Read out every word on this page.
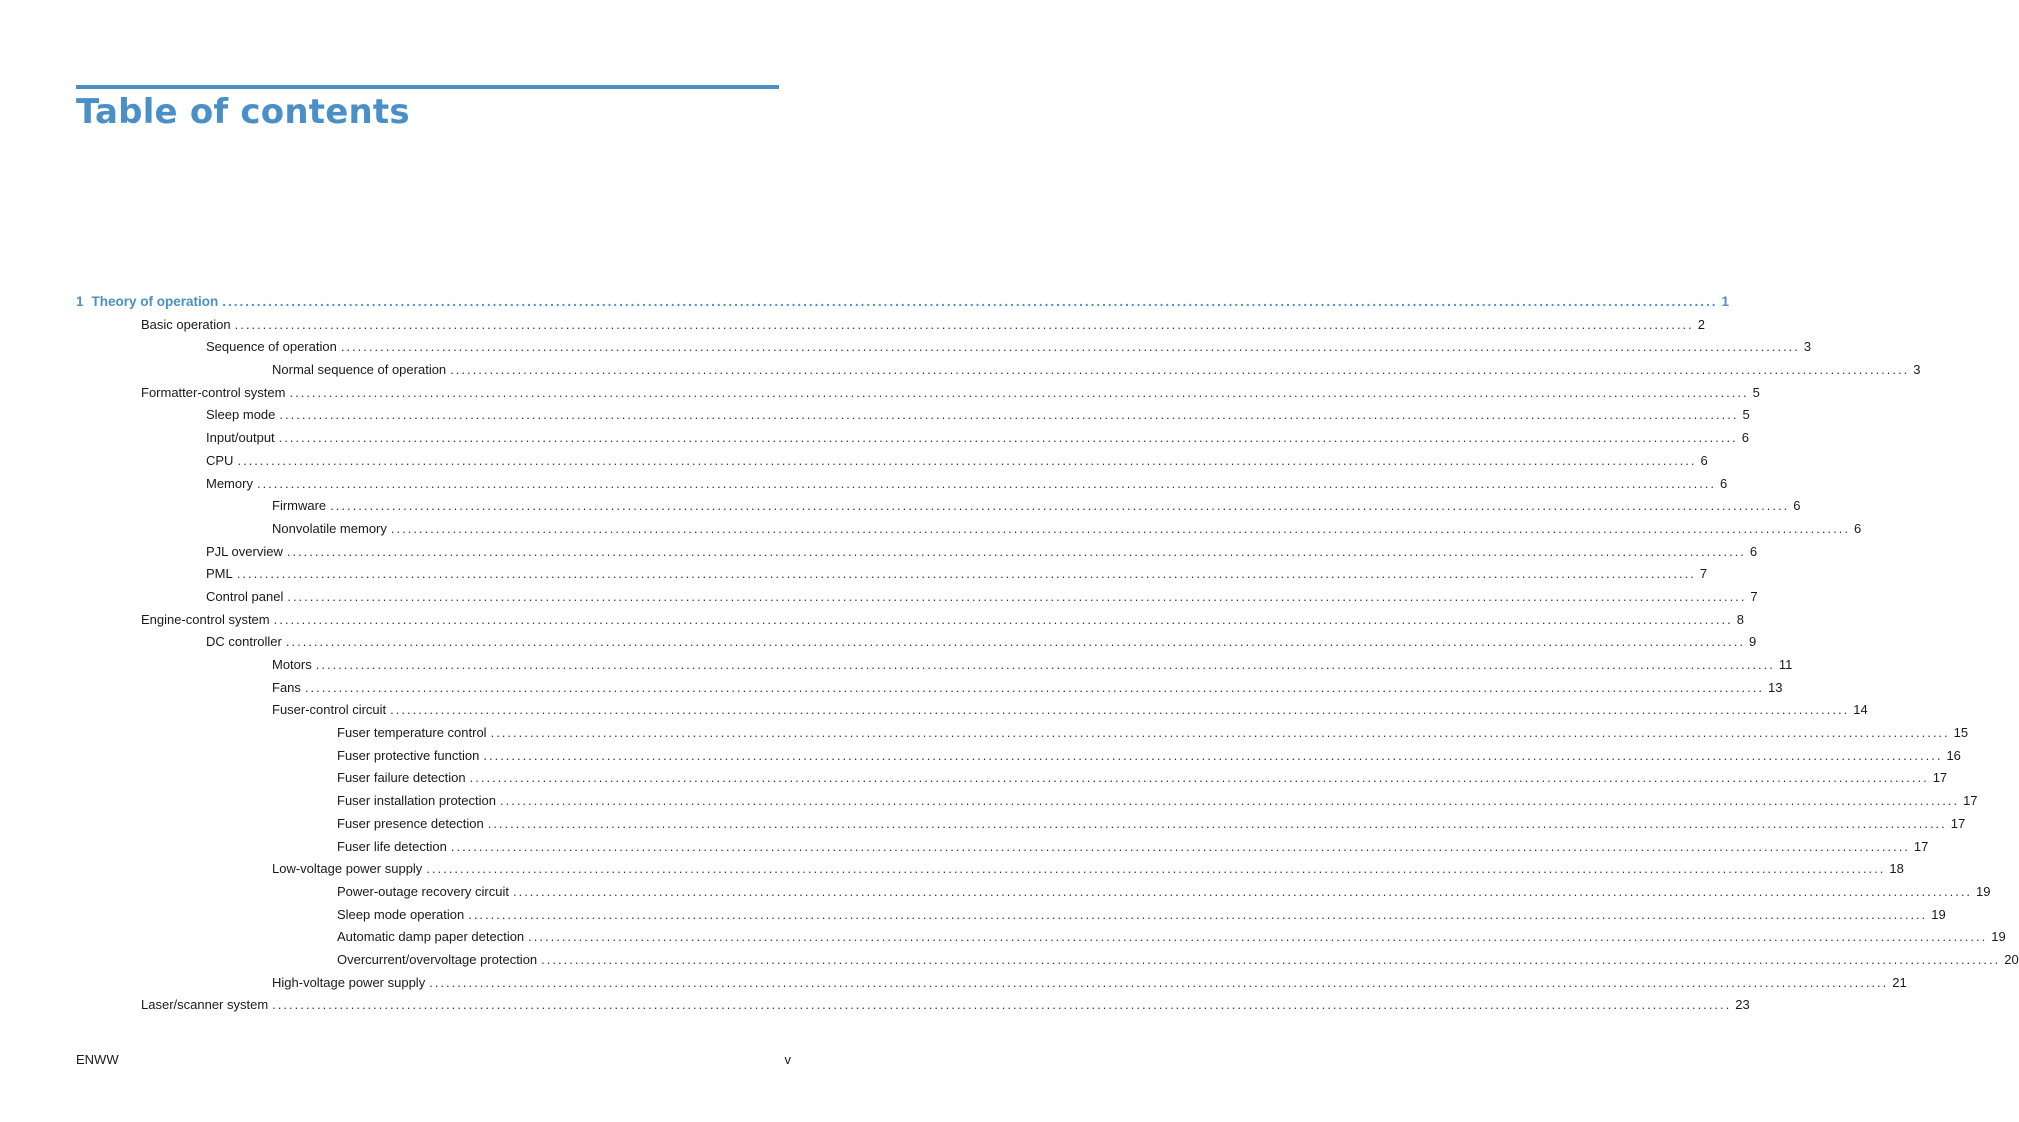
Table of contents
1 Theory of operation .................................................................................................................................................................................................................................................................... 1
Basic operation .................................................................................................................................................................................................................................................................... 2
Sequence of operation .................................................................................................................................................................................................................................................................... 3
Normal sequence of operation .................................................................................................................................................................................................................................................................... 3
Formatter-control system .................................................................................................................................................................................................................................................................... 5
Sleep mode .................................................................................................................................................................................................................................................................... 5
Input/output .................................................................................................................................................................................................................................................................... 6
CPU .................................................................................................................................................................................................................................................................... 6
Memory .................................................................................................................................................................................................................................................................... 6
Firmware .................................................................................................................................................................................................................................................................... 6
Nonvolatile memory .................................................................................................................................................................................................................................................................... 6
PJL overview .................................................................................................................................................................................................................................................................... 6
PML .................................................................................................................................................................................................................................................................... 7
Control panel .................................................................................................................................................................................................................................................................... 7
Engine-control system .................................................................................................................................................................................................................................................................... 8
DC controller .................................................................................................................................................................................................................................................................... 9
Motors .................................................................................................................................................................................................................................................................... 11
Fans .................................................................................................................................................................................................................................................................... 13
Fuser-control circuit .................................................................................................................................................................................................................................................................... 14
Fuser temperature control .................................................................................................................................................................................................................................................................... 15
Fuser protective function .................................................................................................................................................................................................................................................................... 16
Fuser failure detection .................................................................................................................................................................................................................................................................... 17
Fuser installation protection .................................................................................................................................................................................................................................................................... 17
Fuser presence detection .................................................................................................................................................................................................................................................................... 17
Fuser life detection .................................................................................................................................................................................................................................................................... 17
Low-voltage power supply .................................................................................................................................................................................................................................................................... 18
Power-outage recovery circuit .................................................................................................................................................................................................................................................................... 19
Sleep mode operation .................................................................................................................................................................................................................................................................... 19
Automatic damp paper detection .................................................................................................................................................................................................................................................................... 19
Overcurrent/overvoltage protection .................................................................................................................................................................................................................................................................... 20
High-voltage power supply .................................................................................................................................................................................................................................................................... 21
Laser/scanner system .................................................................................................................................................................................................................................................................... 23
ENWW	v
